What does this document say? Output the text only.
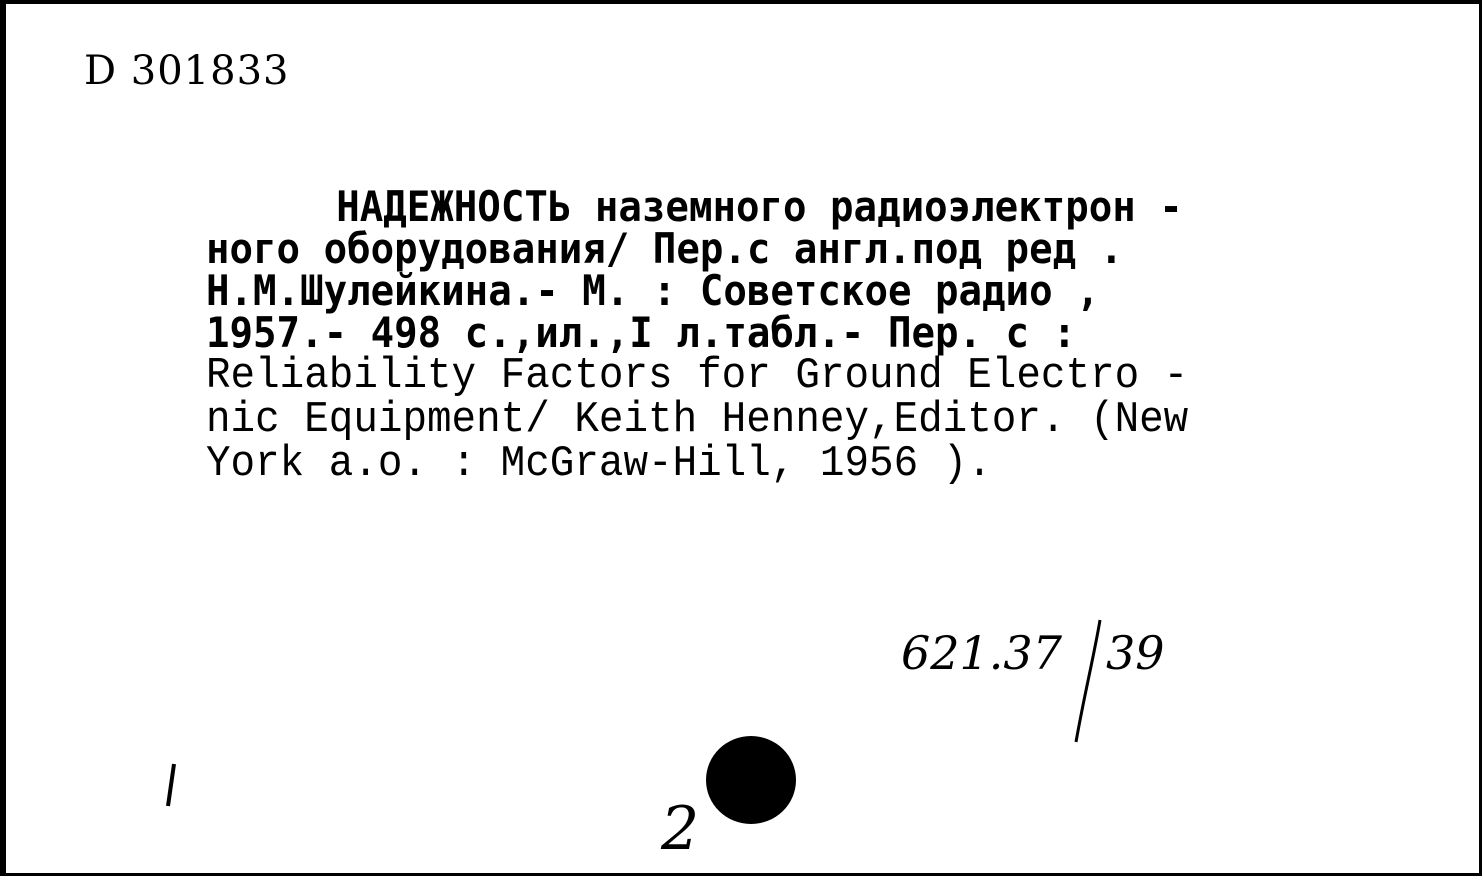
D 301833
НАДЕЖНОСТЬ наземного радиоэлектрон -
ного оборудования/ Пер.с англ.под ред .
Н.М.Шулейкина.- М. : Советское радио ,
1957.- 498 с.,ил.,I л.табл.- Пер. с :
Reliability Factors for Ground Electro -
nic Equipment/ Keith Henney,Editor. (New
York a.o. : McGraw-Hill, 1956 ).
621.37 39
2
